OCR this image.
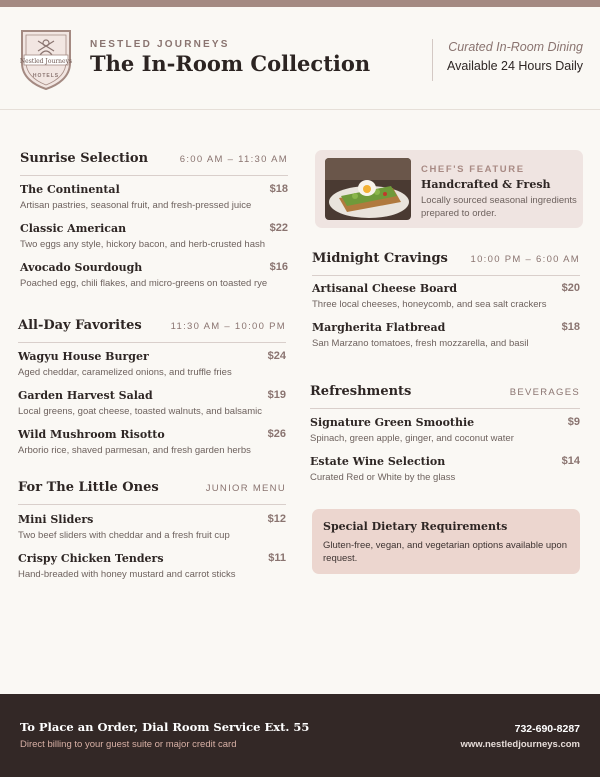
Nestled Journeys
HOTELS
NESTLED JOURNEYS
The In-Room Collection
Curated In-Room Dining
Available 24 Hours Daily
Sunrise Selection	6:00 AM – 11:30 AM
The Continental	$18
Artisan pastries, seasonal fruit, and fresh-pressed juice
Classic American	$22
Two eggs any style, hickory bacon, and herb-crusted hash
Avocado Sourdough	$16
Poached egg, chili flakes, and micro-greens on toasted rye
All-Day Favorites	11:30 AM – 10:00 PM
Wagyu House Burger	$24
Aged cheddar, caramelized onions, and truffle fries
Garden Harvest Salad	$19
Local greens, goat cheese, toasted walnuts, and balsamic
Wild Mushroom Risotto	$26
Arborio rice, shaved parmesan, and fresh garden herbs
For The Little Ones	JUNIOR MENU
Mini Sliders	$12
Two beef sliders with cheddar and a fresh fruit cup
Crispy Chicken Tenders	$11
Hand-breaded with honey mustard and carrot sticks
CHEF'S FEATURE
Handcrafted & Fresh
Locally sourced seasonal ingredients prepared to order.
Midnight Cravings 10:00 PM – 6:00 AM
Artisanal Cheese Board	$20
Three local cheeses, honeycomb, and sea salt crackers
Margherita Flatbread	$18
San Marzano tomatoes, fresh mozzarella, and basil
Refreshments	BEVERAGES
Signature Green Smoothie	$9
Spinach, green apple, ginger, and coconut water
Estate Wine Selection	$14
Curated Red or White by the glass
Special Dietary Requirements
Gluten-free, vegan, and vegetarian options available upon request.
To Place an Order, Dial Room Service Ext. 55
Direct billing to your guest suite or major credit card
732-690-8287
www.nestledjourneys.com
